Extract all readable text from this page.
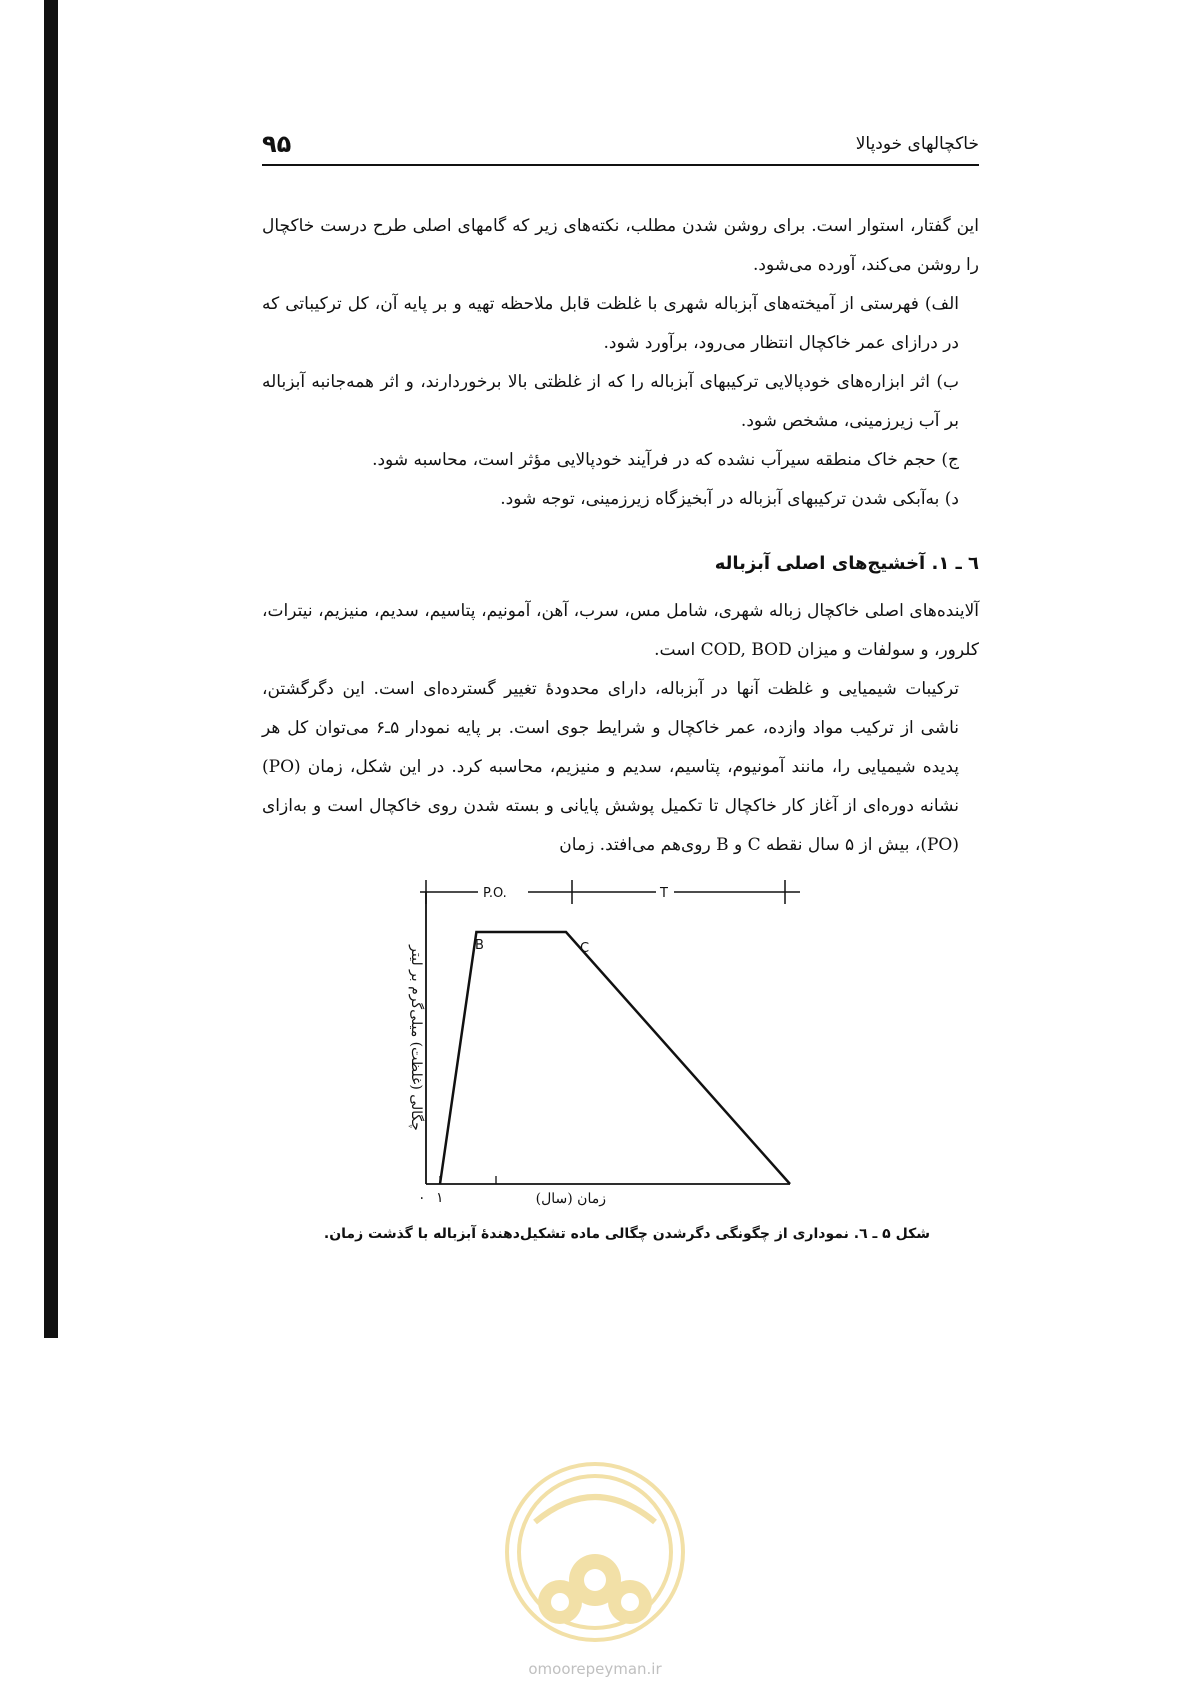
۹۵	خاکچالهای خودپالا

این گفتار، استوار است. برای روشن شدن مطلب، نکته‌های زیر که گامهای اصلی طرح درست خاکچال را روشن می‌کند، آورده می‌شود.

الف) فهرستی از آمیخته‌های آبزباله شهری با غلظت قابل ملاحظه تهیه و بر پایه آن، کل ترکیباتی که در درازای عمر خاکچال انتظار می‌رود، برآورد شود.

ب) اثر ابزاره‌های خودپالایی ترکیبهای آبزباله را که از غلظتی بالا برخوردارند، و اثر همه‌جانبه آبزباله بر آب زیرزمینی، مشخص شود.

ج) حجم خاک منطقه سیرآب نشده که در فرآیند خودپالایی مؤثر است، محاسبه شود.

د) به‌آبکی شدن ترکیبهای آبزباله در آبخیزگاه زیرزمینی، توجه شود.

٦ ـ ١. آخشیج‌های اصلی آبزباله

آلاینده‌های اصلی خاکچال زباله شهری، شامل مس، سرب، آهن، آمونیم، پتاسیم، سدیم، منیزیم، نیترات، کلرور، و سولفات و میزان COD, BOD است.

ترکیبات شیمیایی و غلظت آنها در آبزباله، دارای محدودهٔ تغییر گسترده‌ای است. این دگرگشتن، ناشی از ترکیب مواد وازده، عمر خاکچال و شرایط جوی است. بر پایه نمودار ۵ـ۶ می‌توان کل هر پدیده شیمیایی را، مانند آمونیوم، پتاسیم، سدیم و منیزیم، محاسبه کرد. در این شکل، زمان (PO) نشانه دوره‌ای از آغاز کار خاکچال تا تکمیل پوشش پایانی و بسته شدن روی خاکچال است و به‌ازای (PO)، بیش از ۵ سال نقطه C و B روی‌هم می‌افتد. زمان

P.O.	T
B	C
۰ ۱	زمان (سال)
چگالی (غلظت) میلی‌گرم بر لیتر
شکل ۵ ـ ٦. نموداری از چگونگی دگرشدن چگالی ماده تشکیل‌دهندهٔ آبزباله با گذشت زمان.
omoorepeyman.ir
